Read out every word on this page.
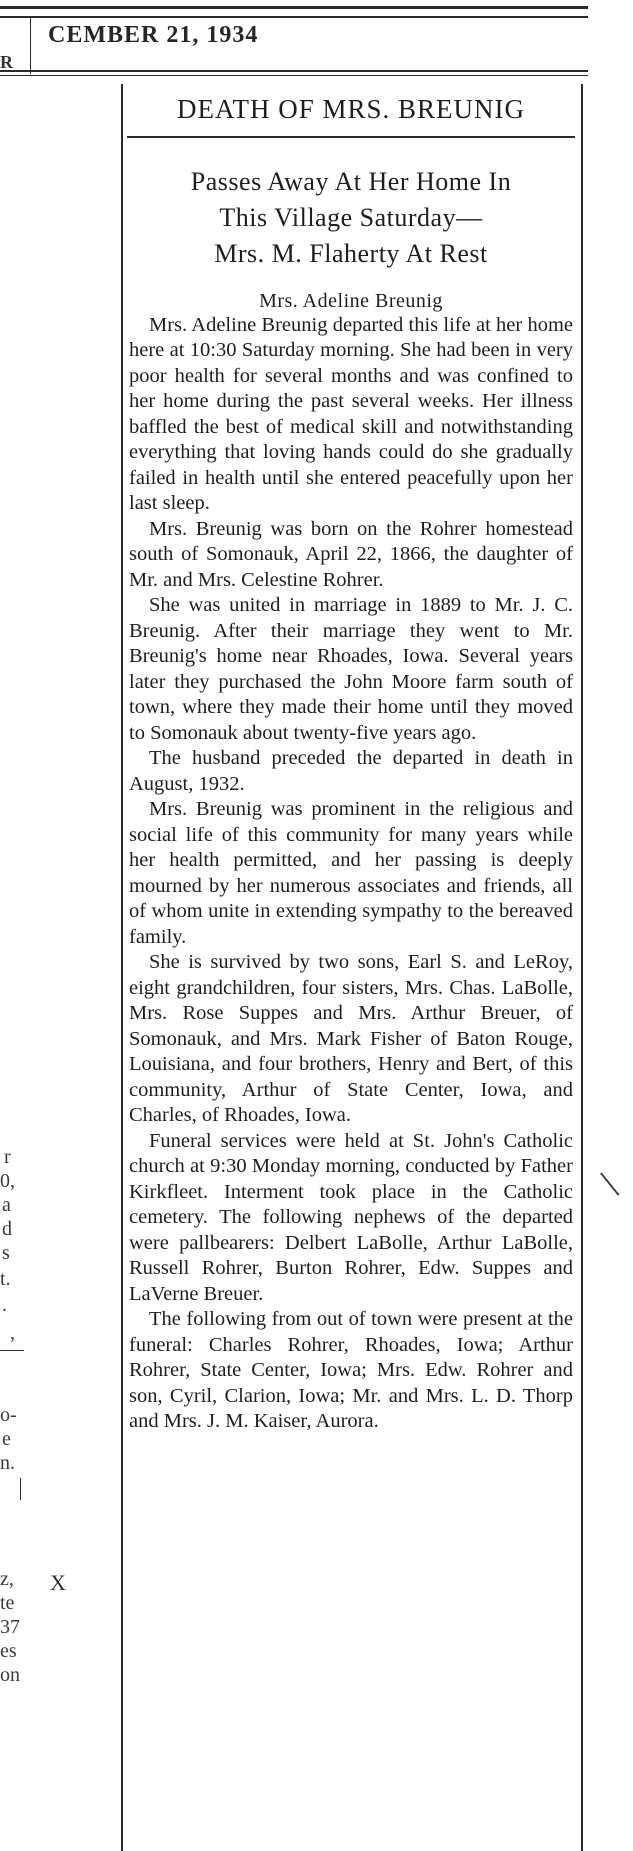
CEMBER 21, 1934
R
DEATH OF MRS. BREUNIG
Passes Away At Her Home In
This Village Saturday—
Mrs. M. Flaherty At Rest
Mrs. Adeline Breunig

Mrs. Adeline Breunig departed this life at her home here at 10:30 Saturday morning. She had been in very poor health for several months and was confined to her home during the past several weeks. Her illness baffled the best of medical skill and notwithstanding everything that loving hands could do she gradually failed in health until she entered peacefully upon her last sleep.

Mrs. Breunig was born on the Rohrer homestead south of Somonauk, April 22, 1866, the daughter of Mr. and Mrs. Celestine Rohrer.

She was united in marriage in 1889 to Mr. J. C. Breunig. After their marriage they went to Mr. Breunig's home near Rhoades, Iowa. Several years later they purchased the John Moore farm south of town, where they made their home until they moved to Somonauk about twenty-five years ago.

The husband preceded the departed in death in August, 1932.

Mrs. Breunig was prominent in the religious and social life of this community for many years while her health permitted, and her passing is deeply mourned by her numerous associates and friends, all of whom unite in extending sympathy to the bereaved family.

She is survived by two sons, Earl S. and LeRoy, eight grandchildren, four sisters, Mrs. Chas. LaBolle, Mrs. Rose Suppes and Mrs. Arthur Breuer, of Somonauk, and Mrs. Mark Fisher of Baton Rouge, Louisiana, and four brothers, Henry and Bert, of this community, Arthur of State Center, Iowa, and Charles, of Rhoades, Iowa.

Funeral services were held at St. John's Catholic church at 9:30 Monday morning, conducted by Father Kirkfleet. Interment took place in the Catholic cemetery. The following nephews of the departed were pallbearers: Delbert LaBolle, Arthur LaBolle, Russell Rohrer, Burton Rohrer, Edw. Suppes and LaVerne Breuer.

The following from out of town were present at the funeral: Charles Rohrer, Rhoades, Iowa; Arthur Rohrer, State Center, Iowa; Mrs. Edw. Rohrer and son, Cyril, Clarion, Iowa; Mr. and Mrs. L. D. Thorp and Mrs. J. M. Kaiser, Aurora.

r
0,
a
d
s
t.
.
,
o-
e
n.
z,
te
37
es
on
X
\
